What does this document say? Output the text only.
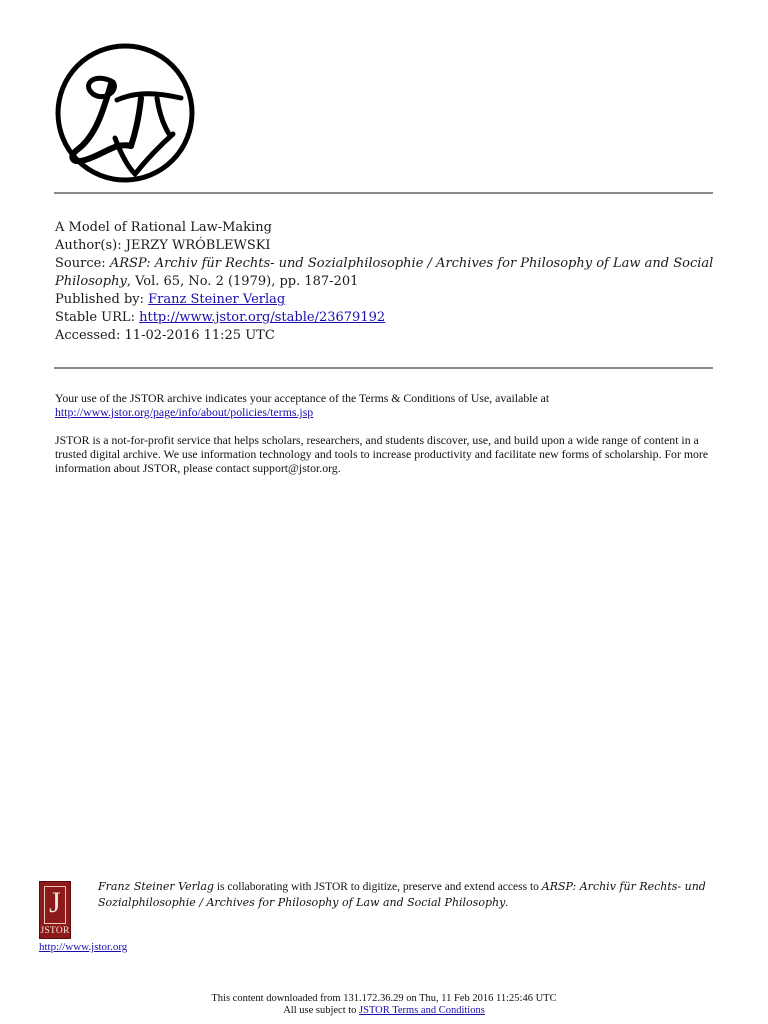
A Model of Rational Law-Making
Author(s): JERZY WRÓBLEWSKI
Source: ARSP: Archiv für Rechts- und Sozialphilosophie / Archives for Philosophy of Law and Social Philosophy, Vol. 65, No. 2 (1979), pp. 187-201
Published by: Franz Steiner Verlag
Stable URL: http://www.jstor.org/stable/23679192
Accessed: 11-02-2016 11:25 UTC

Your use of the JSTOR archive indicates your acceptance of the Terms & Conditions of Use, available at http://www.jstor.org/page/info/about/policies/terms.jsp

JSTOR is a not-for-profit service that helps scholars, researchers, and students discover, use, and build upon a wide range of content in a trusted digital archive. We use information technology and tools to increase productivity and facilitate new forms of scholarship. For more information about JSTOR, please contact support@jstor.org.

J
JSTOR
Franz Steiner Verlag is collaborating with JSTOR to digitize, preserve and extend access to ARSP: Archiv für Rechts- und Sozialphilosophie / Archives for Philosophy of Law and Social Philosophy.
http://www.jstor.org
This content downloaded from 131.172.36.29 on Thu, 11 Feb 2016 11:25:46 UTC
All use subject to JSTOR Terms and Conditions
